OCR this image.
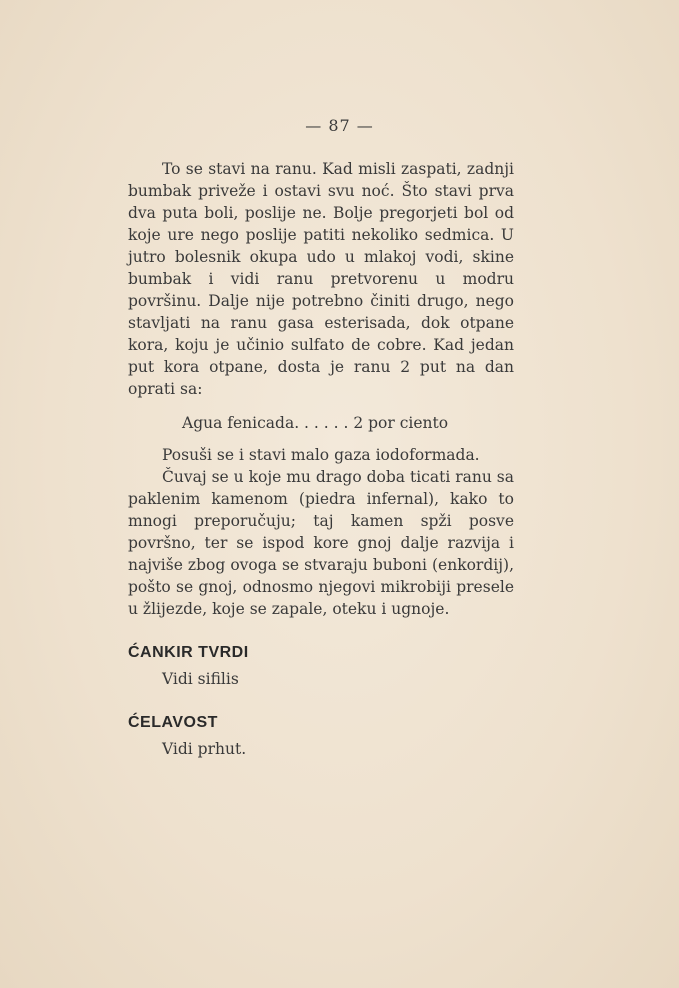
— 87 —

To se stavi na ranu. Kad misli zaspati, zadnji bumbak priveže i ostavi svu noć. Što stavi prva dva puta boli, poslije ne. Bolje pregorjeti bol od koje ure nego poslije patiti nekoliko sedmica. U jutro bolesnik okupa udo u mlakoj vodi, skine bumbak i vidi ranu pretvorenu u modru površinu. Dalje nije potrebno činiti drugo, nego stavljati na ranu gasa esterisada, dok otpane kora, koju je učinio sulfato de cobre. Kad jedan put kora otpane, dosta je ranu 2 put na dan oprati sa:

Agua fenicada. . . . . . 2 por ciento

Posuši se i stavi malo gaza iodoformada.

Čuvaj se u koje mu drago doba ticati ranu sa paklenim kamenom (piedra infernal), kako to mnogi preporučuju; taj kamen spži posve površno, ter se ispod kore gnoj dalje razvija i najviše zbog ovoga se stvaraju buboni (enkordij), pošto se gnoj, odnosmo njegovi mikrobiji presele u žlijezde, koje se zapale, oteku i ugnoje.

ĆANKIR TVRDI

Vidi sifilis

ĆELAVOST

Vidi prhut.
